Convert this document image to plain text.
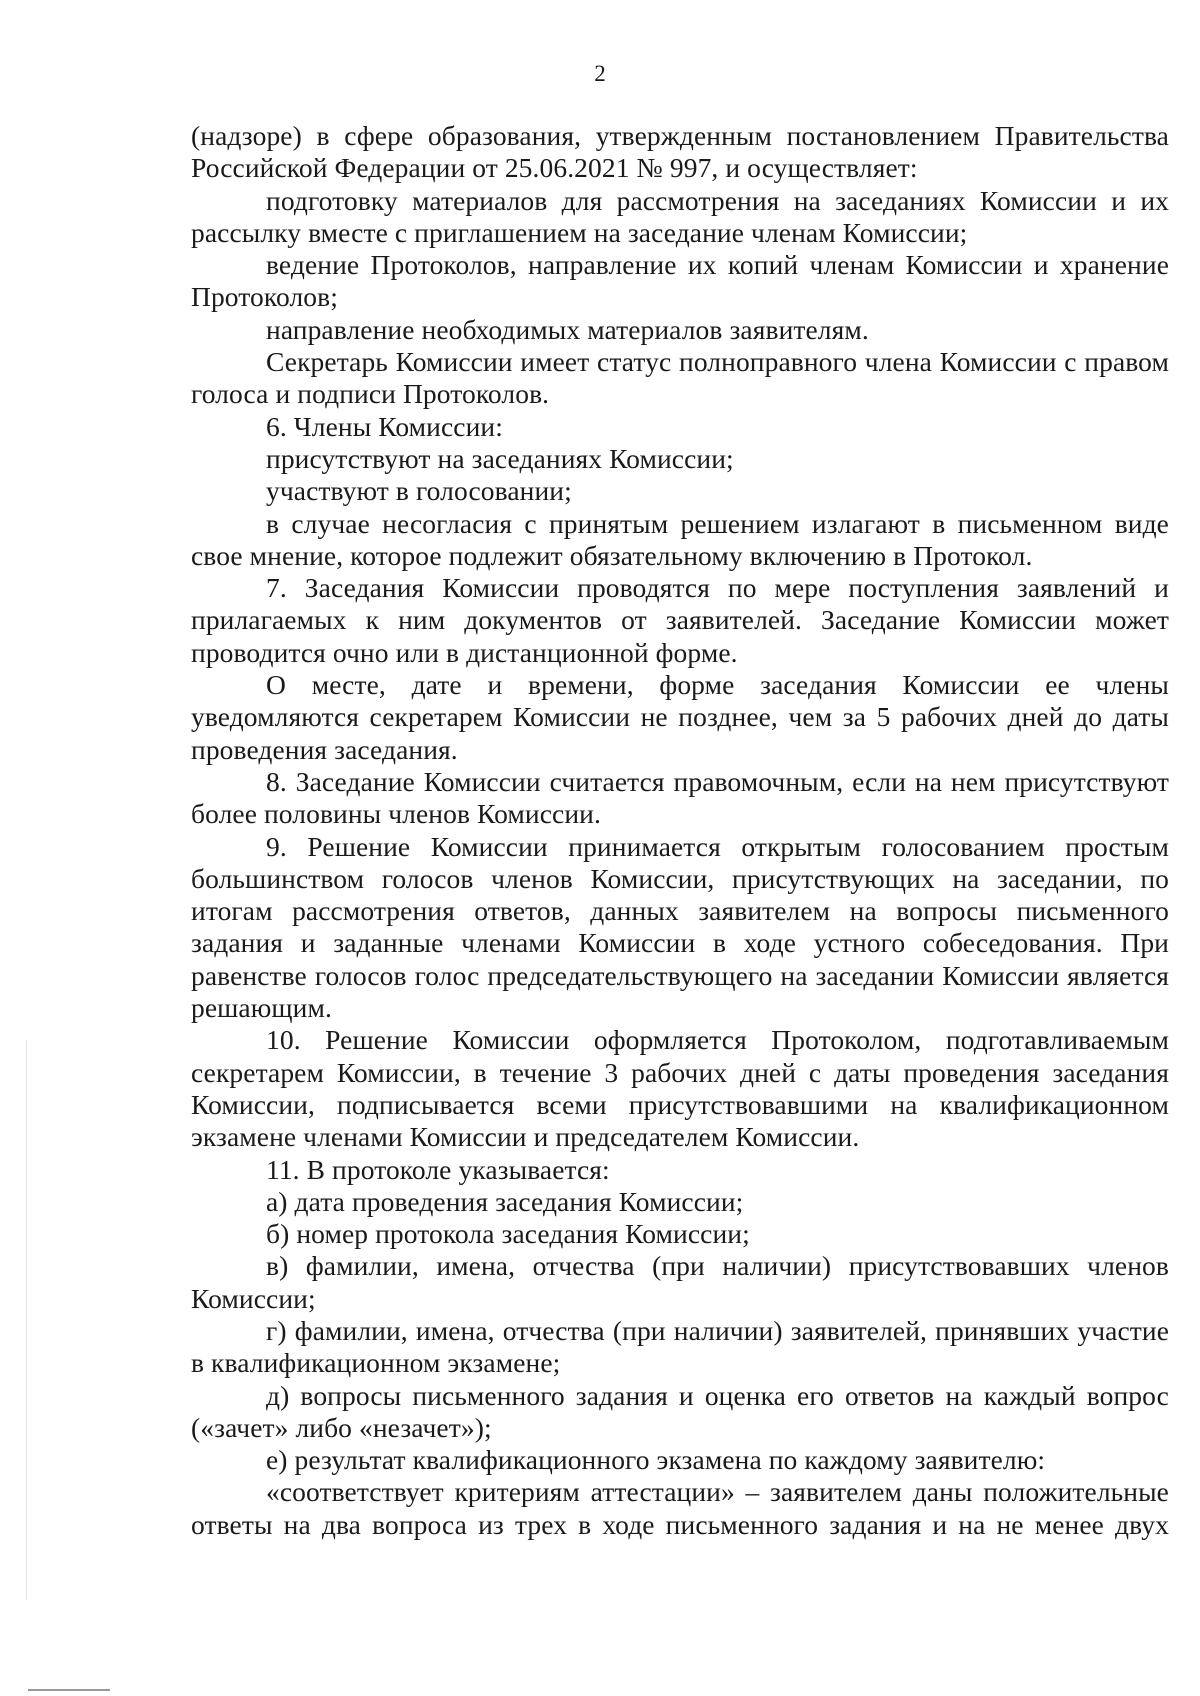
2

(надзоре) в сфере образования, утвержденным постановлением Правительства Российской Федерации от 25.06.2021 № 997, и осуществляет:

подготовку материалов для рассмотрения на заседаниях Комиссии и их рассылку вместе с приглашением на заседание членам Комиссии;

ведение Протоколов, направление их копий членам Комиссии и хранение Протоколов;

направление необходимых материалов заявителям.

Секретарь Комиссии имеет статус полноправного члена Комиссии с правом голоса и подписи Протоколов.

6. Члены Комиссии:

присутствуют на заседаниях Комиссии;

участвуют в голосовании;

в случае несогласия с принятым решением излагают в письменном виде свое мнение, которое подлежит обязательному включению в Протокол.

7. Заседания Комиссии проводятся по мере поступления заявлений и прилагаемых к ним документов от заявителей. Заседание Комиссии может проводится очно или в дистанционной форме.

О месте, дате и времени, форме заседания Комиссии ее члены уведомляются секретарем Комиссии не позднее, чем за 5 рабочих дней до даты проведения заседания.

8. Заседание Комиссии считается правомочным, если на нем присутствуют более половины членов Комиссии.

9. Решение Комиссии принимается открытым голосованием простым большинством голосов членов Комиссии, присутствующих на заседании, по итогам рассмотрения ответов, данных заявителем на вопросы письменного задания и заданные членами Комиссии в ходе устного собеседования. При равенстве голосов голос председательствующего на заседании Комиссии является решающим.

10. Решение Комиссии оформляется Протоколом, подготавливаемым секретарем Комиссии, в течение 3 рабочих дней с даты проведения заседания Комиссии, подписывается всеми присутствовавшими на квалификационном экзамене членами Комиссии и председателем Комиссии.

11. В протоколе указывается:

а) дата проведения заседания Комиссии;

б) номер протокола заседания Комиссии;

в) фамилии, имена, отчества (при наличии) присутствовавших членов Комиссии;

г) фамилии, имена, отчества (при наличии) заявителей, принявших участие в квалификационном экзамене;

д) вопросы письменного задания и оценка его ответов на каждый вопрос («зачет» либо «незачет»);

е) результат квалификационного экзамена по каждому заявителю:

«соответствует критериям аттестации» – заявителем даны положительные ответы на два вопроса из трех в ходе письменного задания и на не менее двух
